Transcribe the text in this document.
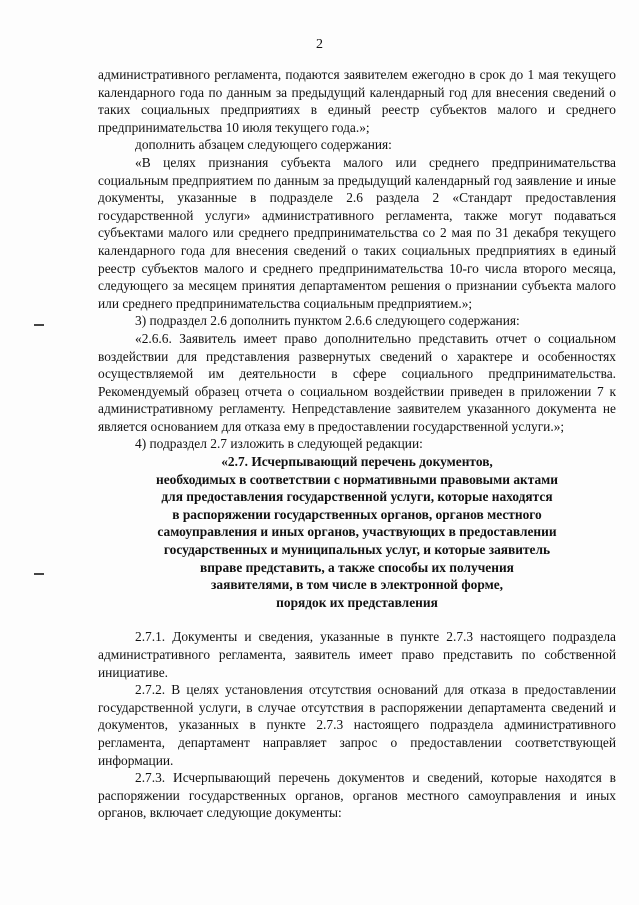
2

административного регламента, подаются заявителем ежегодно в срок до 1 мая текущего календарного года по данным за предыдущий календарный год для внесения сведений о таких социальных предприятиях в единый реестр субъектов малого и среднего предпринимательства 10 июля текущего года.»;

дополнить абзацем следующего содержания:

«В целях признания субъекта малого или среднего предпринимательства социальным предприятием по данным за предыдущий календарный год заявление и иные документы, указанные в подразделе 2.6 раздела 2 «Стандарт предоставления государственной услуги» административного регламента, также могут подаваться субъектами малого или среднего предпринимательства со 2 мая по 31 декабря текущего календарного года для внесения сведений о таких социальных предприятиях в единый реестр субъектов малого и среднего предпринимательства 10-го числа второго месяца, следующего за месяцем принятия департаментом решения о признании субъекта малого или среднего предпринимательства социальным предприятием.»;

3) подраздел 2.6 дополнить пунктом 2.6.6 следующего содержания:

«2.6.6. Заявитель имеет право дополнительно представить отчет о социальном воздействии для представления развернутых сведений о характере и особенностях осуществляемой им деятельности в сфере социального предпринимательства. Рекомендуемый образец отчета о социальном воздействии приведен в приложении 7 к административному регламенту. Непредставление заявителем указанного документа не является основанием для отказа ему в предоставлении государственной услуги.»;

4) подраздел 2.7 изложить в следующей редакции:

«2.7. Исчерпывающий перечень документов,
необходимых в соответствии с нормативными правовыми актами
для предоставления государственной услуги, которые находятся
в распоряжении государственных органов, органов местного
самоуправления и иных органов, участвующих в предоставлении
государственных и муниципальных услуг, и которые заявитель
вправе представить, а также способы их получения
заявителями, в том числе в электронной форме,
порядок их представления

2.7.1. Документы и сведения, указанные в пункте 2.7.3 настоящего подраздела административного регламента, заявитель имеет право представить по собственной инициативе.

2.7.2. В целях установления отсутствия оснований для отказа в предоставлении государственной услуги, в случае отсутствия в распоряжении департамента сведений и документов, указанных в пункте 2.7.3 настоящего подраздела административного регламента, департамент направляет запрос о предоставлении соответствующей информации.

2.7.3. Исчерпывающий перечень документов и сведений, которые находятся в распоряжении государственных органов, органов местного самоуправления и иных органов, включает следующие документы:
